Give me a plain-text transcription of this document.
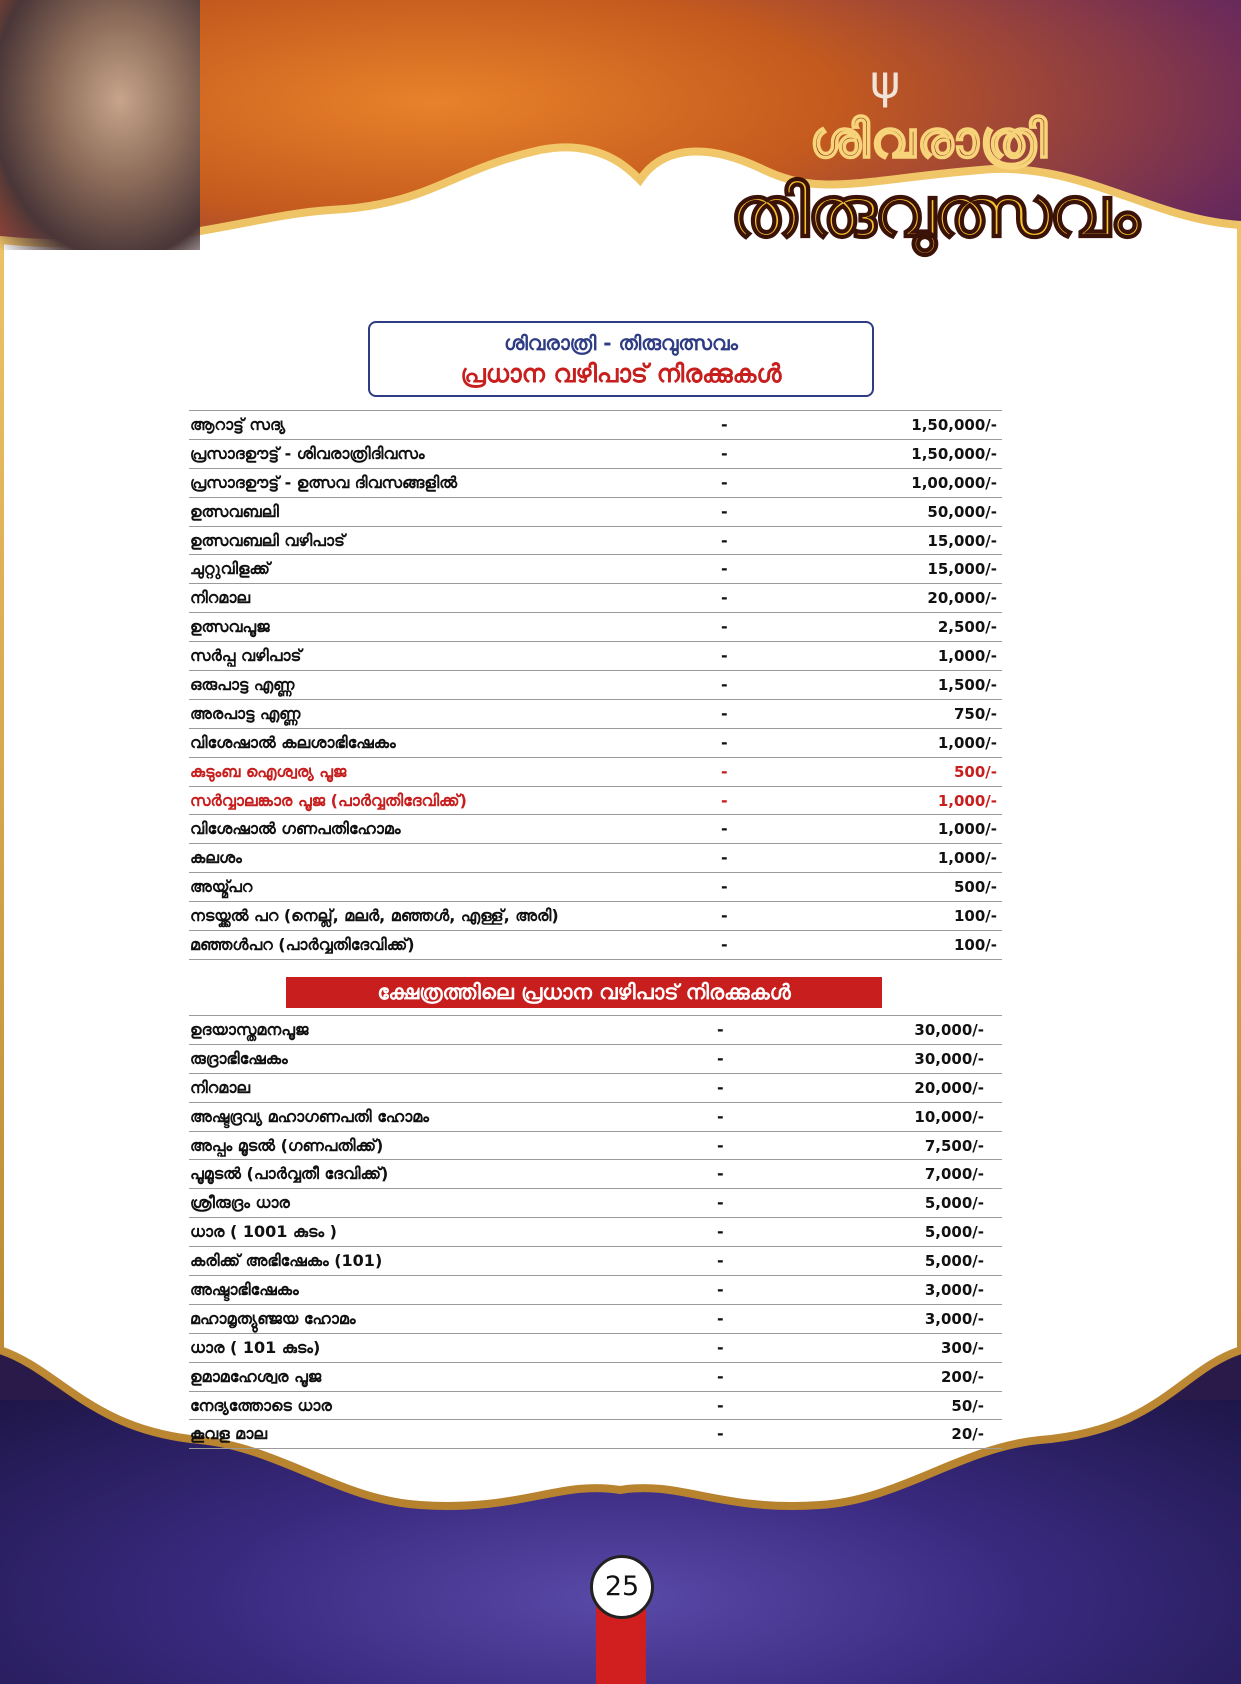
ψ
ശിവരാത്രി
തിരുവുത്സവം
ശിവരാത്രി - തിരുവുത്സവം
പ്രധാന വഴിപാട് നിരക്കുകൾ
ആറാട്ട് സദ്യ	-	1,50,000/-
പ്രസാദഊട്ട് - ശിവരാത്രിദിവസം	-	1,50,000/-
പ്രസാദഊട്ട് - ഉത്സവ ദിവസങ്ങളിൽ	-	1,00,000/-
ഉത്സവബലി	-	50,000/-
ഉത്സവബലി വഴിപാട്	-	15,000/-
ചുറ്റുവിളക്ക്	-	15,000/-
നിറമാല	-	20,000/-
ഉത്സവപൂജ	-	2,500/-
സർപ്പ വഴിപാട്	-	1,000/-
ഒരുപാട്ട എണ്ണ	-	1,500/-
അരപാട്ട എണ്ണ	-	750/-
വിശേഷാൽ കലശാഭിഷേകം	-	1,000/-
കുടുംബ ഐശ്വര്യ പൂജ	-	500/-
സർവ്വാലങ്കാര പൂജ (പാർവ്വതിദേവിക്ക്)	-	1,000/-
വിശേഷാൽ ഗണപതിഹോമം	-	1,000/-
കലശം	-	1,000/-
അയ്മ്പറ	-	500/-
നടയ്ക്കൽ പറ (നെല്ല്, മലർ, മഞ്ഞൾ, എള്ള്, അരി)	-	100/-
മഞ്ഞൾപറ (പാർവ്വതിദേവിക്ക്)	-	100/-
ക്ഷേത്രത്തിലെ പ്രധാന വഴിപാട് നിരക്കുകൾ
ഉദയാസ്തമനപൂജ	-	30,000/-
രുദ്രാഭിഷേകം	-	30,000/-
നിറമാല	-	20,000/-
അഷ്ടദ്രവ്യ മഹാഗണപതി ഹോമം	-	10,000/-
അപ്പം മൂടൽ (ഗണപതിക്ക്)	-	7,500/-
പൂമൂടൽ (പാർവ്വതീ ദേവിക്ക്)	-	7,000/-
ശ്രീരുദ്രം ധാര	-	5,000/-
ധാര ( 1001 കുടം )	-	5,000/-
കരിക്ക് അഭിഷേകം (101)	-	5,000/-
അഷ്ടാഭിഷേകം	-	3,000/-
മഹാമൃത്യുഞ്ജയ ഹോമം	-	3,000/-
ധാര ( 101 കുടം)	-	300/-
ഉമാമഹേശ്വര പൂജ	-	200/-
നേദ്യത്തോടെ ധാര	-	50/-
കൂവള മാല	-	20/-
25
